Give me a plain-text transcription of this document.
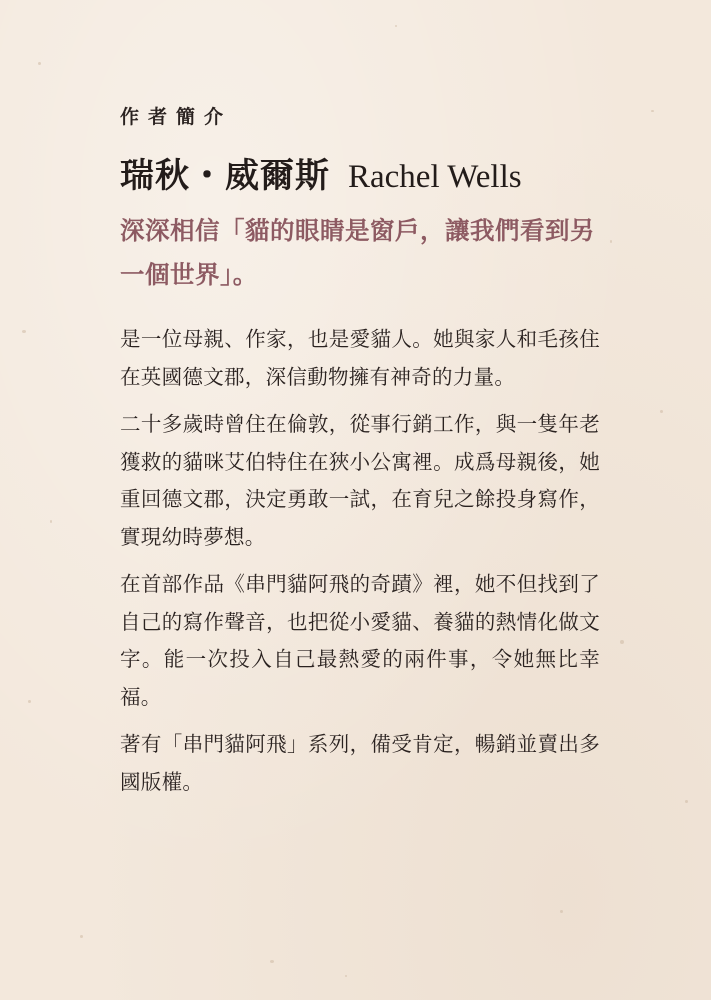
作者簡介
瑞秋・威爾斯 Rachel Wells
深深相信「貓的眼睛是窗戶，讓我們看到另一個世界」。

是一位母親、作家，也是愛貓人。她與家人和毛孩住在英國德文郡，深信動物擁有神奇的力量。

二十多歲時曾住在倫敦，從事行銷工作，與一隻年老獲救的貓咪艾伯特住在狹小公寓裡。成爲母親後，她重回德文郡，決定勇敢一試，在育兒之餘投身寫作，實現幼時夢想。

在首部作品《串門貓阿飛的奇蹟》裡，她不但找到了自己的寫作聲音，也把從小愛貓、養貓的熱情化做文字。能一次投入自己最熱愛的兩件事，令她無比幸福。

著有「串門貓阿飛」系列，備受肯定，暢銷並賣出多國版權。
